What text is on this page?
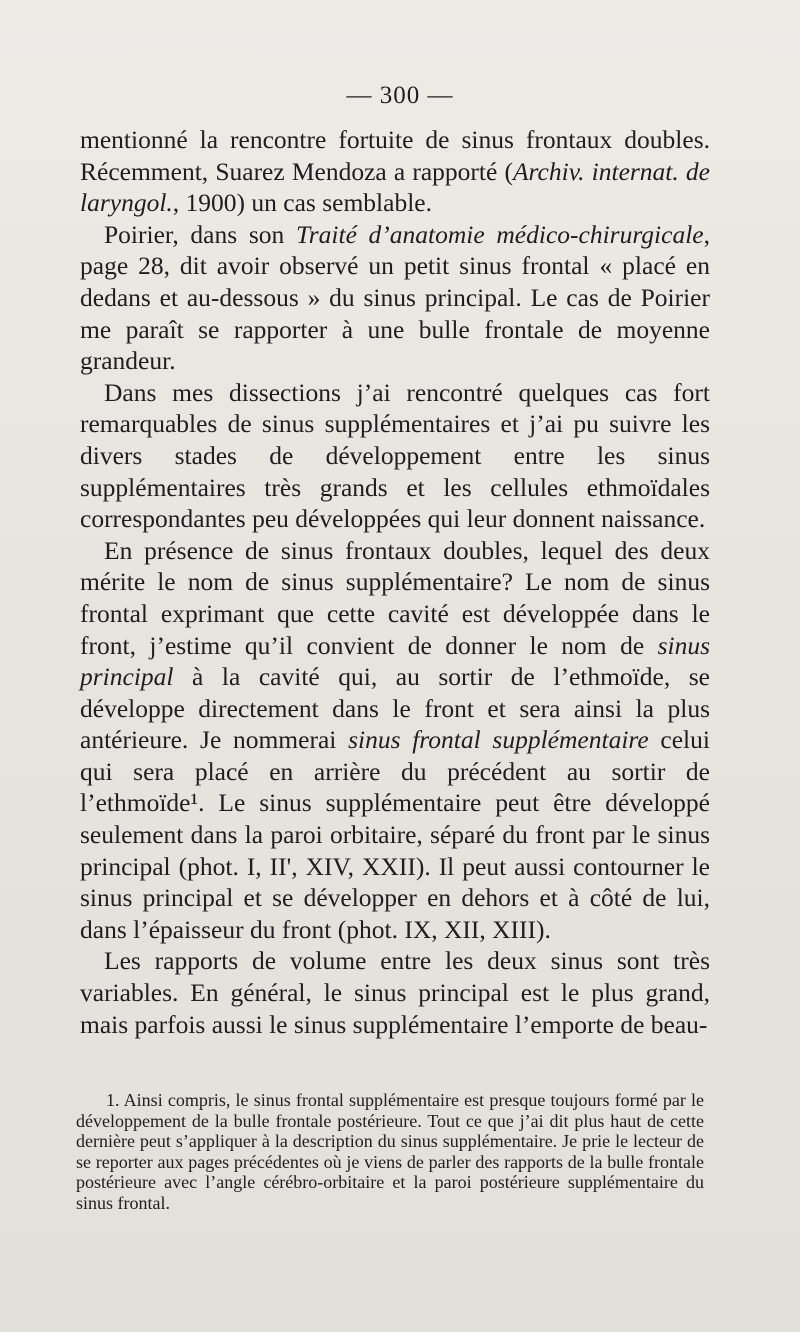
— 300 —

mentionné la rencontre fortuite de sinus frontaux doubles. Récemment, Suarez Mendoza a rapporté (Archiv. internat. de laryngol., 1900) un cas semblable.

Poirier, dans son Traité d’anatomie médico-chirurgicale, page 28, dit avoir observé un petit sinus frontal « placé en dedans et au-dessous » du sinus principal. Le cas de Poirier me paraît se rapporter à une bulle frontale de moyenne grandeur.

Dans mes dissections j’ai rencontré quelques cas fort remarquables de sinus supplémentaires et j’ai pu suivre les divers stades de développement entre les sinus supplémentaires très grands et les cellules ethmoïdales correspondantes peu développées qui leur donnent naissance.

En présence de sinus frontaux doubles, lequel des deux mérite le nom de sinus supplémentaire? Le nom de sinus frontal exprimant que cette cavité est développée dans le front, j’estime qu’il convient de donner le nom de sinus principal à la cavité qui, au sortir de l’ethmoïde, se développe directement dans le front et sera ainsi la plus antérieure. Je nommerai sinus frontal supplémentaire celui qui sera placé en arrière du précédent au sortir de l’ethmoïde¹. Le sinus supplémentaire peut être développé seulement dans la paroi orbitaire, séparé du front par le sinus principal (phot. I, II', XIV, XXII). Il peut aussi contourner le sinus principal et se développer en dehors et à côté de lui, dans l’épaisseur du front (phot. IX, XII, XIII).

Les rapports de volume entre les deux sinus sont très variables. En général, le sinus principal est le plus grand, mais parfois aussi le sinus supplémentaire l’emporte de beau-

1. Ainsi compris, le sinus frontal supplémentaire est presque toujours formé par le développement de la bulle frontale postérieure. Tout ce que j’ai dit plus haut de cette dernière peut s’appliquer à la description du sinus supplémentaire. Je prie le lecteur de se reporter aux pages précédentes où je viens de parler des rapports de la bulle frontale postérieure avec l’angle cérébro-orbitaire et la paroi postérieure supplémentaire du sinus frontal.
